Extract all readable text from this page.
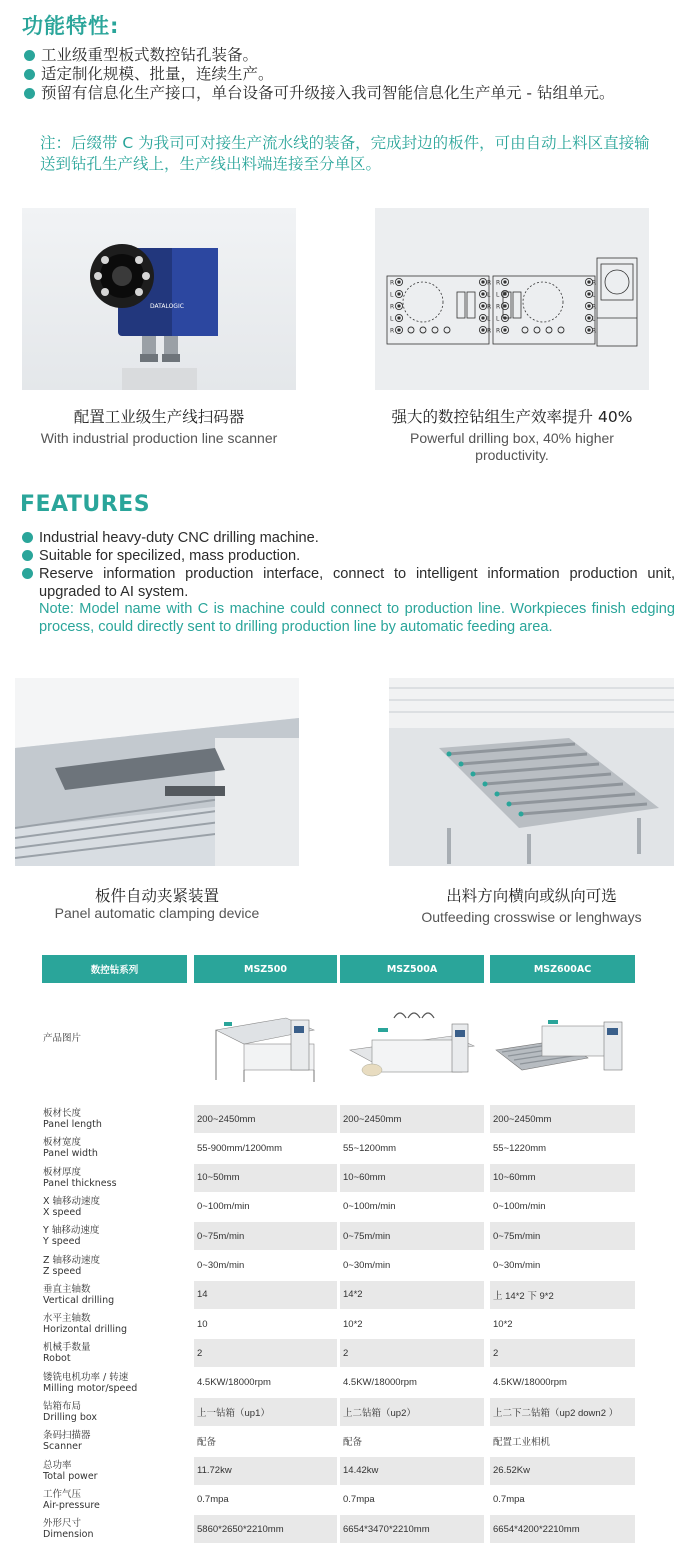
功能特性:
工业级重型板式数控钻孔装备。
适定制化规模、批量，连续生产。
预留有信息化生产接口，单台设备可升级接入我司智能信息化生产单元 - 钻组单元。
注：后缀带 C 为我司可对接生产流水线的装备，完成封边的板件，可由自动上料区直接输送到钻孔生产线上，生产线出料端连接至分单区。
DATALOGIC
R
L
R
L
R
R
L
R
L
R
R
L
R
L
R
R
L
R
L
R
配置工业级生产线扫码器
With industrial production line scanner
强大的数控钻组生产效率提升 40%
Powerful drilling box, 40% higher productivity.
FEATURES
Industrial heavy-duty CNC drilling machine.
Suitable for specilized, mass production.
Reserve information production interface, connect to intelligent information production unit, upgraded to AI system.
Note: Model name with C is machine could connect to production line. Workpieces finish edging process, could directly sent to drilling production line by automatic feeding area.
板件自动夹紧装置
Panel automatic clamping device
出料方向横向或纵向可选
Outfeeding crosswise or lenghways
数控钻系列	MSZ500	MSZ500A	MSZ600AC
产品图片
板材长度
Panel length	200~2450mm	200~2450mm	200~2450mm
板材宽度
Panel width	55-900mm/1200mm	55~1200mm	55~1220mm
板材厚度
Panel thickness	10~50mm	10~60mm	10~60mm
X 轴移动速度
X speed	0~100m/min	0~100m/min	0~100m/min
Y 轴移动速度
Y speed	0~75m/min	0~75m/min	0~75m/min
Z 轴移动速度
Z speed	0~30m/min	0~30m/min	0~30m/min
垂直主轴数
Vertical drilling	14	14*2	上 14*2 下 9*2
水平主轴数
Horizontal drilling	10	10*2	10*2
机械手数量
Robot	2	2	2
镂铣电机功率 / 转速
Milling motor/speed	4.5KW/18000rpm	4.5KW/18000rpm	4.5KW/18000rpm
钻箱布局
Drilling box	上一钻箱（up1）	上二钻箱（up2）	上二下二钻箱（up2 down2 ）
条码扫描器
Scanner	配备	配备	配置工业相机
总功率
Total power	11.72kw	14.42kw	26.52Kw
工作气压
Air-pressure	0.7mpa	0.7mpa	0.7mpa
外形尺寸
Dimension	5860*2650*2210mm	6654*3470*2210mm	6654*4200*2210mm
